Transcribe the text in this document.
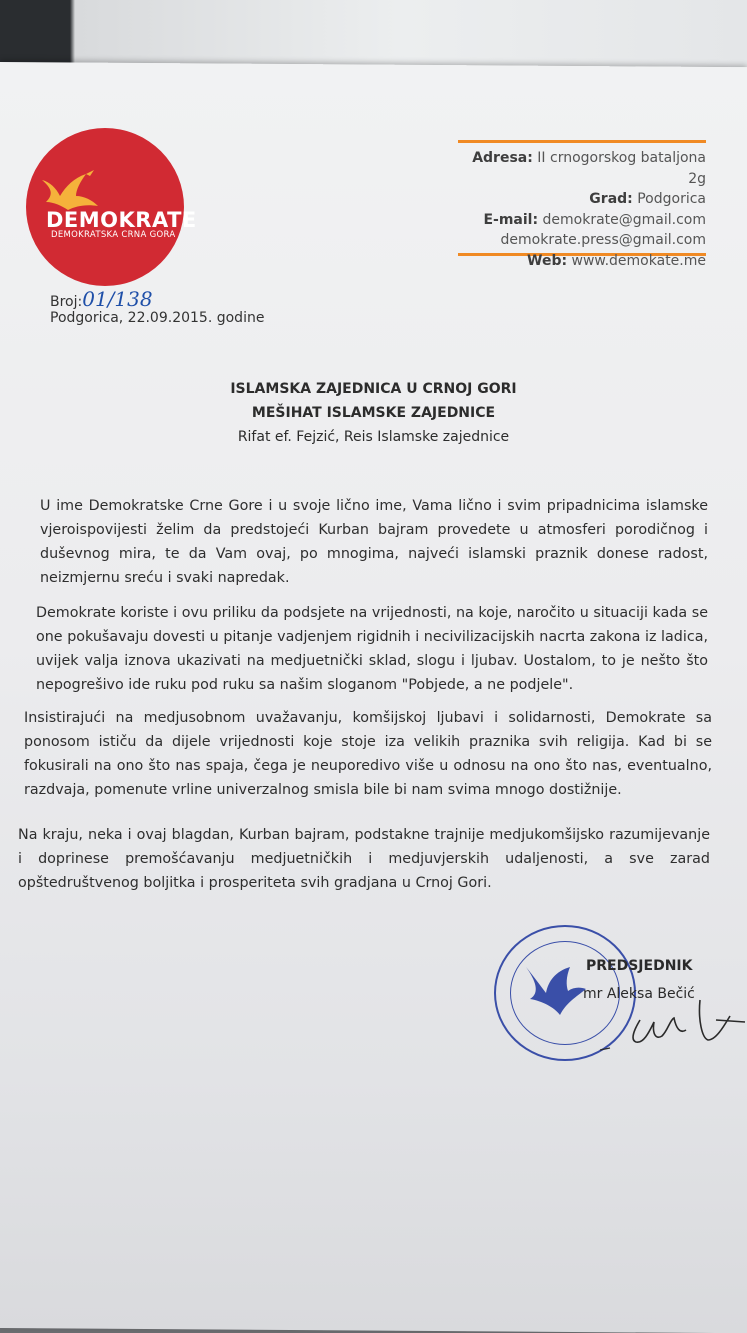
DEMOKRATE
DEMOKRATSKA CRNA GORA
Adresa: II crnogorskog bataljona 2g
Grad: Podgorica
E-mail: demokrate@gmail.com
demokrate.press@gmail.com
Web: www.demokate.me
Broj:01/138
Podgorica, 22.09.2015. godine
ISLAMSKA ZAJEDNICA U CRNOJ GORI
MEŠIHAT ISLAMSKE ZAJEDNICE
Rifat ef. Fejzić, Reis Islamske zajednice
U ime Demokratske Crne Gore i u svoje lično ime, Vama lično i svim pripadnicima islamske vjeroispovijesti želim da predstojeći Kurban bajram provedete u atmosferi porodičnog i duševnog mira, te da Vam ovaj, po mnogima, najveći islamski praznik donese radost, neizmjernu sreću i svaki napredak.
Demokrate koriste i ovu priliku da podsjete na vrijednosti, na koje, naročito u situaciji kada se one pokušavaju dovesti u pitanje vadjenjem rigidnih i necivilizacijskih nacrta zakona iz ladica, uvijek valja iznova ukazivati na medjuetnički sklad, slogu i ljubav. Uostalom, to je nešto što nepogrešivo ide ruku pod ruku sa našim sloganom "Pobjede, a ne podjele".
Insistirajući na medjusobnom uvažavanju, komšijskoj ljubavi i solidarnosti, Demokrate sa ponosom ističu da dijele vrijednosti koje stoje iza velikih praznika svih religija. Kad bi se fokusirali na ono što nas spaja, čega je neuporedivo više u odnosu na ono što nas, eventualno, razdvaja, pomenute vrline univerzalnog smisla bile bi nam svima mnogo dostižnije.
Na kraju, neka i ovaj blagdan, Kurban bajram, podstakne trajnije medjukomšijsko razumijevanje i doprinese premošćavanju medjuetničkih i medjuvjerskih udaljenosti, a sve zarad opštedruštvenog boljitka i prosperiteta svih gradjana u Crnoj Gori.
PREDSJEDNIK
mr Aleksa Bečić
